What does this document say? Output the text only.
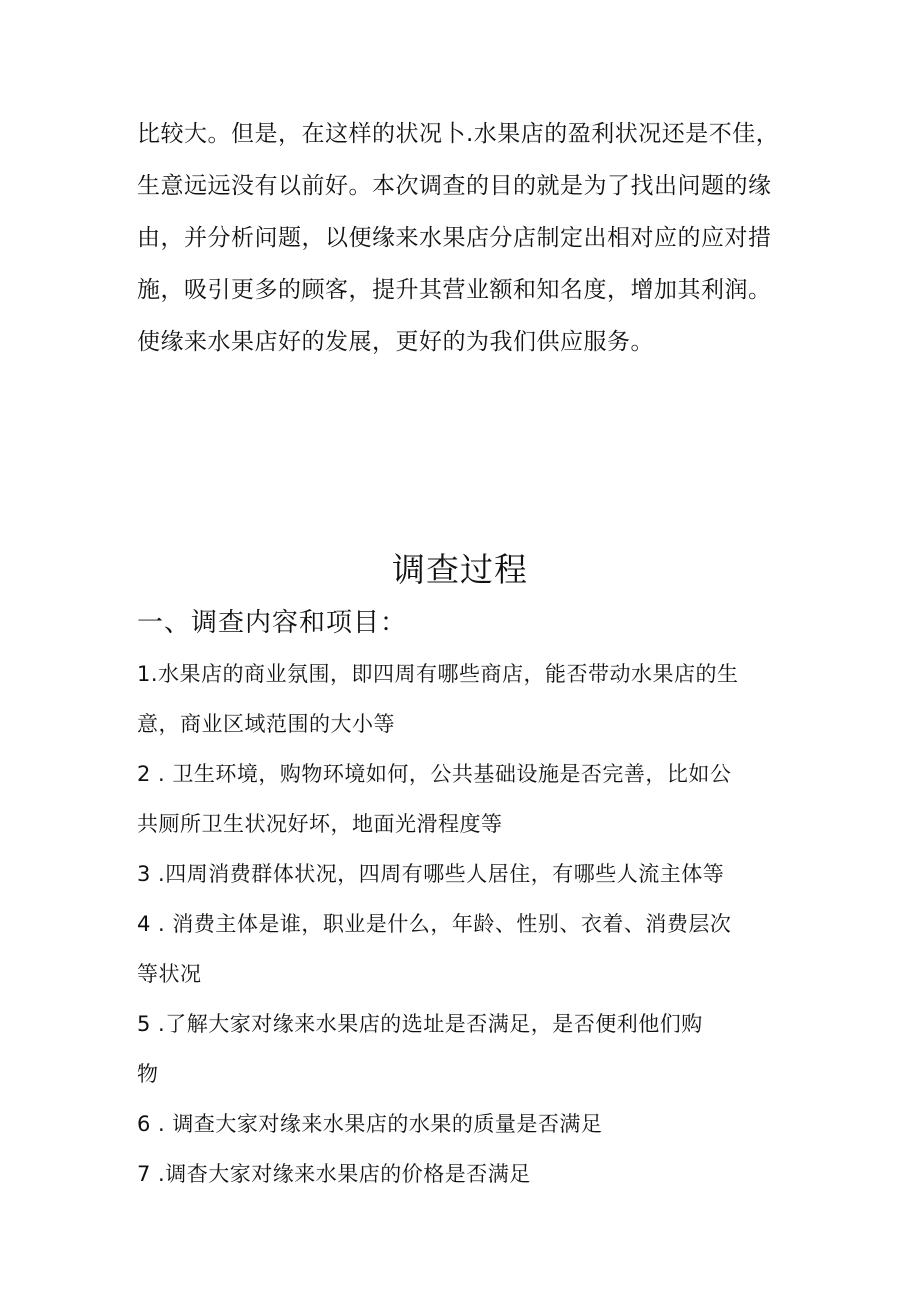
比较大。但是，在这样的状况卜.水果店的盈利状况还是不佳，
生意远远没有以前好。本次调查的目的就是为了找出问题的缘
由，并分析问题，以便缘来水果店分店制定出相对应的应对措
施，吸引更多的顾客，提升其营业额和知名度，增加其利润。
使缘来水果店好的发展，更好的为我们供应服务。
调查过程
一、调查内容和项目：
1.水果店的商业氛围，即四周有哪些商店，能否带动水果店的生
意，商业区域范围的大小等
2 . 卫生环境，购物环境如何，公共基础设施是否完善，比如公
共厕所卫生状况好坏，地面光滑程度等
3 .四周消费群体状况，四周有哪些人居住，有哪些人流主体等
4 . 消费主体是谁，职业是什么，年龄、性别、衣着、消费层次
等状况
5 .了解大家对缘来水果店的选址是否满足，是否便利他们购
物
6 . 调查大家对缘来水果店的水果的质量是否满足
7 .调杳大家对缘来水果店的价格是否满足
